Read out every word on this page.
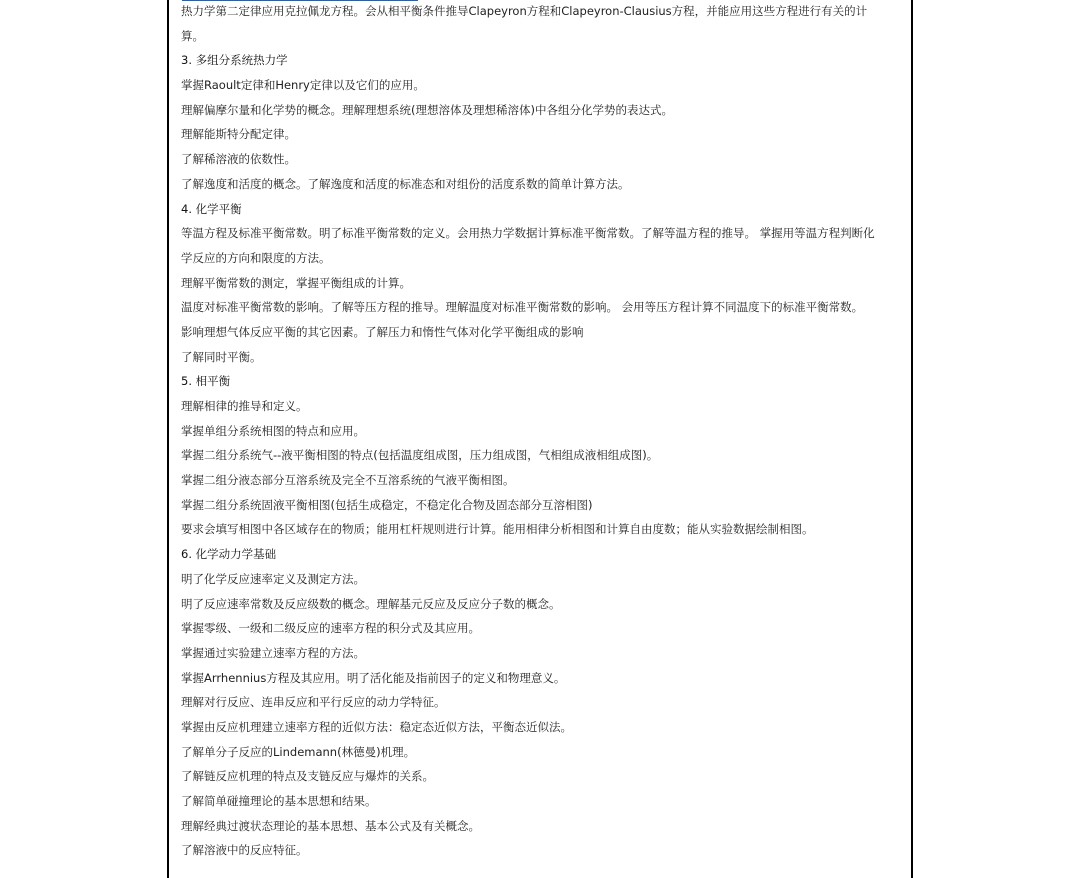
热力学第二定律应用克拉佩龙方程。会从相平衡条件推导Clapeyron方程和Clapeyron-Clausius方程，并能应用这些方程进行有关的计
算。
3. 多组分系统热力学
掌握Raoult定律和Henry定律以及它们的应用。
理解偏摩尔量和化学势的概念。理解理想系统(理想溶体及理想稀溶体)中各组分化学势的表达式。
理解能斯特分配定律。
了解稀溶液的依数性。
了解逸度和活度的概念。了解逸度和活度的标准态和对组份的活度系数的简单计算方法。
4. 化学平衡
等温方程及标准平衡常数。明了标准平衡常数的定义。会用热力学数据计算标准平衡常数。了解等温方程的推导。 掌握用等温方程判断化
学反应的方向和限度的方法。
理解平衡常数的测定，掌握平衡组成的计算。
温度对标准平衡常数的影响。了解等压方程的推导。理解温度对标准平衡常数的影响。 会用等压方程计算不同温度下的标准平衡常数。
影响理想气体反应平衡的其它因素。了解压力和惰性气体对化学平衡组成的影响
了解同时平衡。
5. 相平衡
理解相律的推导和定义。
掌握单组分系统相图的特点和应用。
掌握二组分系统气--液平衡相图的特点(包括温度组成图，压力组成图，气相组成液相组成图)。
掌握二组分液态部分互溶系统及完全不互溶系统的气液平衡相图。
掌握二组分系统固液平衡相图(包括生成稳定，不稳定化合物及固态部分互溶相图)
要求会填写相图中各区域存在的物质；能用杠杆规则进行计算。能用相律分析相图和计算自由度数；能从实验数据绘制相图。
6. 化学动力学基础
明了化学反应速率定义及测定方法。
明了反应速率常数及反应级数的概念。理解基元反应及反应分子数的概念。
掌握零级、一级和二级反应的速率方程的积分式及其应用。
掌握通过实验建立速率方程的方法。
掌握Arrhennius方程及其应用。明了活化能及指前因子的定义和物理意义。
理解对行反应、连串反应和平行反应的动力学特征。
掌握由反应机理建立速率方程的近似方法：稳定态近似方法，平衡态近似法。
了解单分子反应的Lindemann(林德曼)机理。
了解链反应机理的特点及支链反应与爆炸的关系。
了解简单碰撞理论的基本思想和结果。
理解经典过渡状态理论的基本思想、基本公式及有关概念。
了解溶液中的反应特征。
